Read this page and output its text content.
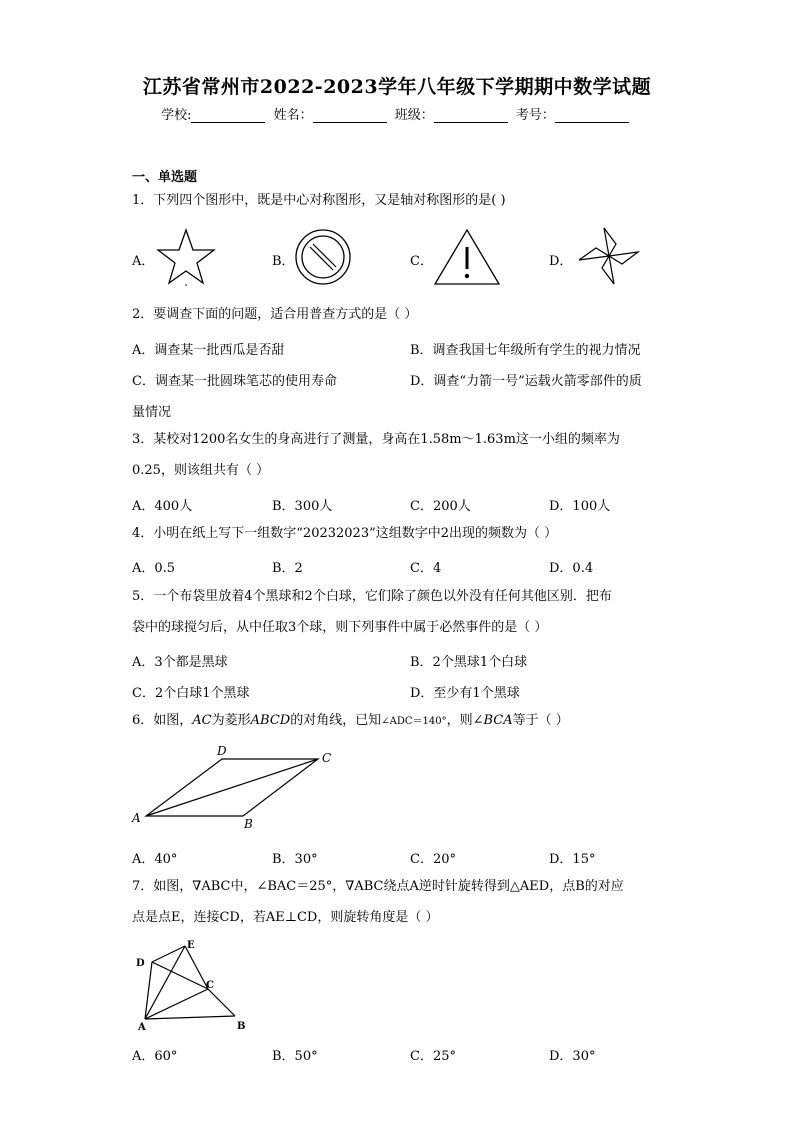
江苏省常州市2022-2023学年八年级下学期期中数学试题
学校:	姓名：	班级：	考号：
一、单选题
1．下列四个图形中，既是中心对称图形，又是轴对称图形的是( )
A．	B．	C．	D．
2．要调查下面的问题，适合用普查方式的是（ ）
A．调查某一批西瓜是否甜	B．调查我国七年级所有学生的视力情况
C．调查某一批圆珠笔芯的使用寿命	D．调查“力箭一号”运载火箭零部件的质
量情况
3．某校对1200名女生的身高进行了测量，身高在1.58m～1.63m这一小组的频率为
0.25，则该组共有（ ）
A．400人	B．300人	C．200人	D．100人
4．小明在纸上写下一组数字“20232023”这组数字中2出现的频数为（ ）
A．0.5	B．2	C．4	D．0.4
5．一个布袋里放着4个黑球和2个白球，它们除了颜色以外没有任何其他区别．把布
袋中的球搅匀后，从中任取3个球，则下列事件中属于必然事件的是（ ）
A．3个都是黑球	B．2个黑球1个白球
C．2个白球1个黑球	D．至少有1个黑球
6．如图，AC为菱形ABCD的对角线，已知∠ADC＝140°，则∠BCA等于（ ）
A	B
C
D
A．40°	B．30°	C．20°	D．15°
7．如图，∇ABC中，∠BAC＝25°，∇ABC绕点A逆时针旋转得到△AED，点B的对应
点是点E，连接CD，若AE⊥CD，则旋转角度是（ ）
A	B
C
D
E
A．60°	B．50°	C．25°	D．30°
